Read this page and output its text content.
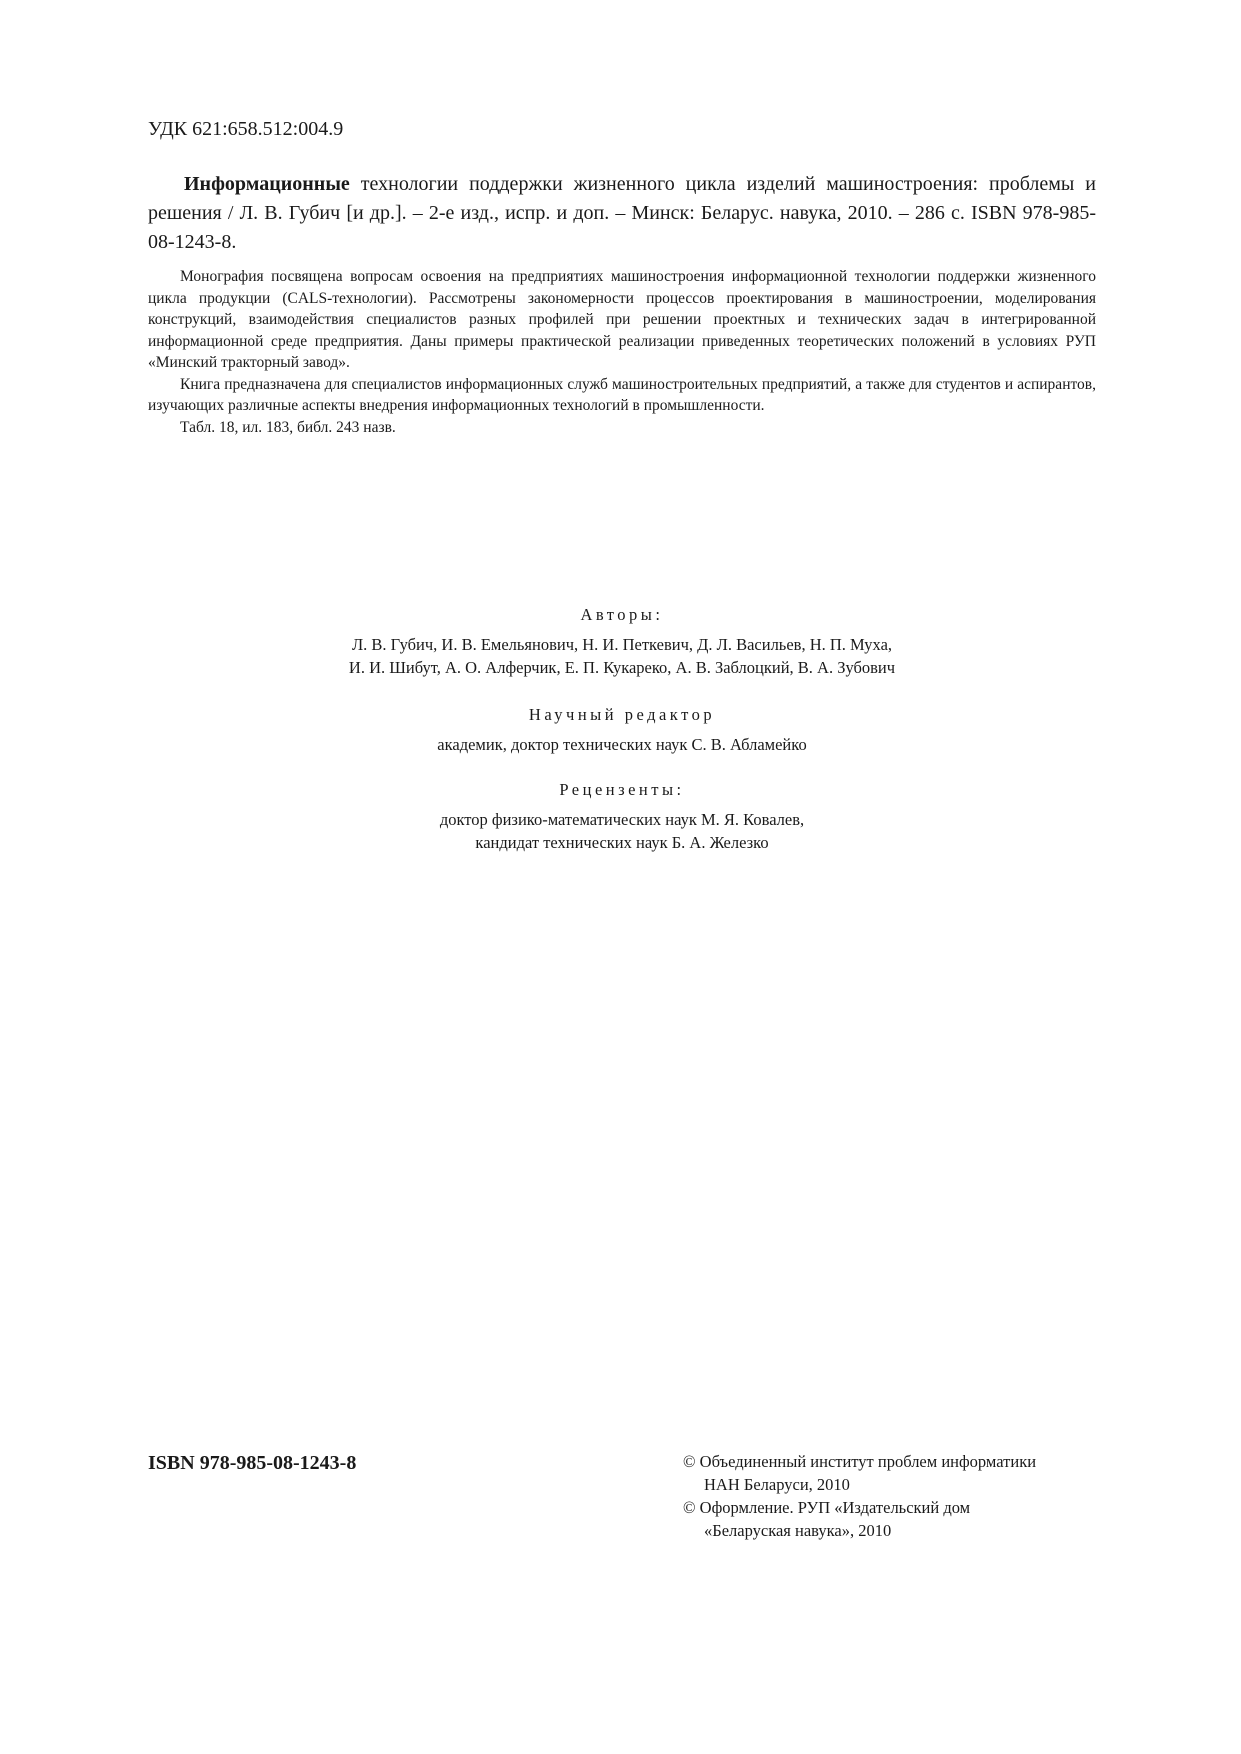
УДК 621:658.512:004.9
Информационные технологии поддержки жизненного цикла изделий машиностроения: проблемы и решения / Л. В. Губич [и др.]. – 2-е изд., испр. и доп. – Минск: Беларус. навука, 2010. – 286 с. ISBN 978-985-08-1243-8.

Монография посвящена вопросам освоения на предприятиях машиностроения информационной технологии поддержки жизненного цикла продукции (CALS-технологии). Рассмотрены закономерности процессов проектирования в машиностроении, моделирования конструкций, взаимодействия специалистов разных профилей при решении проектных и технических задач в интегрированной информационной среде предприятия. Даны примеры практической реализации приведенных теоретических положений в условиях РУП «Минский тракторный завод».

Книга предназначена для специалистов информационных служб машиностроительных предприятий, а также для студентов и аспирантов, изучающих различные аспекты внедрения информационных технологий в промышленности.

Табл. 18, ил. 183, библ. 243 назв.

Авторы:
Л. В. Губич, И. В. Емельянович, Н. И. Петкевич, Д. Л. Васильев, Н. П. Муха,
И. И. Шибут, А. О. Алферчик, Е. П. Кукареко, А. В. Заблоцкий, В. А. Зубович
Научный редактор
академик, доктор технических наук С. В. Абламейко
Рецензенты:
доктор физико-математических наук М. Я. Ковалев,
кандидат технических наук Б. А. Железко
ISBN 978-985-08-1243-8	© Объединенный институт проблем информатики
НАН Беларуси, 2010
© Оформление. РУП «Издательский дом
«Беларуская навука», 2010
